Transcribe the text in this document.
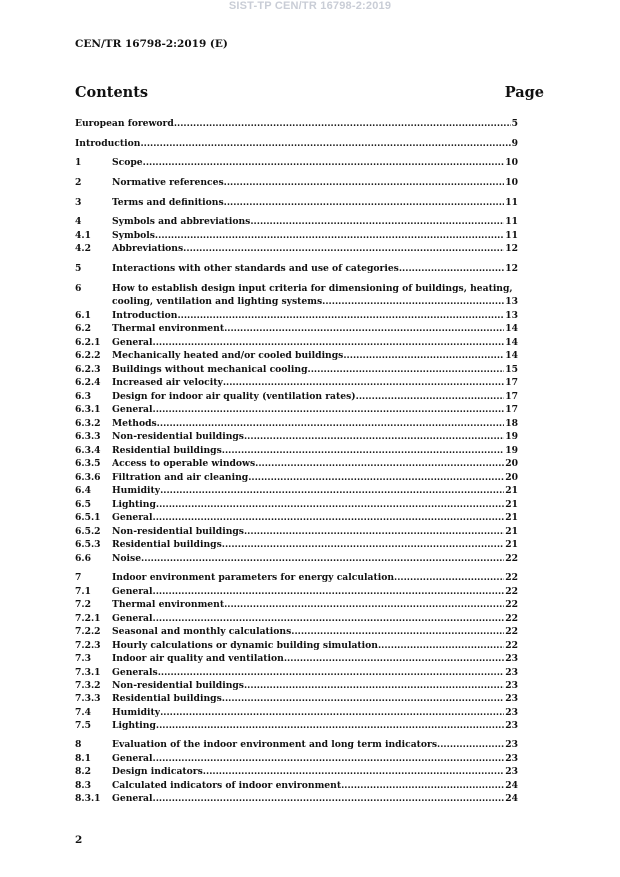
SIST-TP CEN/TR 16798-2:2019
CEN/TR 16798-2:2019 (E)
Contents	Page
European foreword .....	5
Introduction .....	9
1	Scope .....	10
2	Normative references .....	10
3	Terms and definitions .....	11
4	Symbols and abbreviations .....	11
4.1 Symbols .....	11
4.2 Abbreviations .....	12
5	Interactions with other standards and use of categories .....	12
6	How to establish design input criteria for dimensioning of buildings, heating,
cooling, ventilation and lighting systems .....	13
6.1 Introduction .....	13
6.2 Thermal environment .....	14
6.2.1 General .....	14
6.2.2 Mechanically heated and/or cooled buildings .....	14
6.2.3 Buildings without mechanical cooling .....	15
6.2.4 Increased air velocity .....	17
6.3 Design for indoor air quality (ventilation rates) .....	17
6.3.1 General .....	17
6.3.2 Methods .....	18
6.3.3 Non-residential buildings .....	19
6.3.4 Residential buildings .....	19
6.3.5 Access to operable windows .....	20
6.3.6 Filtration and air cleaning .....	20
6.4 Humidity .....	21
6.5 Lighting .....	21
6.5.1 General .....	21
6.5.2 Non-residential buildings .....	21
6.5.3 Residential buildings .....	21
6.6 Noise .....	22
7	Indoor environment parameters for energy calculation .....	22
7.1 General .....	22
7.2 Thermal environment .....	22
7.2.1 General .....	22
7.2.2 Seasonal and monthly calculations .....	22
7.2.3 Hourly calculations or dynamic building simulation .....	22
7.3 Indoor air quality and ventilation .....	23
7.3.1 Generals .....	23
7.3.2 Non-residential buildings .....	23
7.3.3 Residential buildings .....	23
7.4 Humidity .....	23
7.5 Lighting .....	23
8	Evaluation of the indoor environment and long term indicators .....	23
8.1 General .....	23
8.2 Design indicators .....	23
8.3 Calculated indicators of indoor environment .....	24
8.3.1 General .....	24
2
